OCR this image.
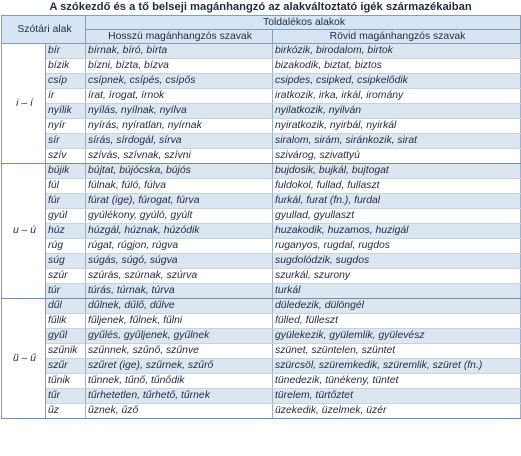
A szókezdő és a tő belseji magánhangzó az alakváltoztató igék származékaiban
Szótári alak		Toldalékos alakok	
		Hosszú magánhangzós szavak	Rövid magánhangzós szavak
i – í	bír	bírnak, bíró, bírta	birkózik, birodalom, birtok
	bízik	bízni, bízta, bízva	bizakodik, biztat, biztos
	csíp	csípnek, csípés, csípős	csipdes, csipked, csipkelődik
	ír	írat, írogat, írnok	iratkozik, irka, irkál, iromány
	nyílik	nyílás, nyílnak, nyílva	nyilatkozik, nyilván
	nyír	nyírás, nyíratlan, nyírnak	nyiratkozik, nyirbál, nyirkál
	sír	sírás, sírdogál, sírva	siralom, sirám, siránkozik, sirat
	szív	szívás, szívnak, szívni	szivárog, szivattyú
u – ú	bújik	bújtat, bújócska, bújós	bujdosik, bujkál, bujtogat
	fúl	fúlnak, fúló, fúlva	fuldokol, fullad, fullaszt
	fúr	fúrat (ige), fúrogat, fúrva	furkál, furat (fn.), furdal
	gyúl	gyúlékony, gyúló, gyúlt	gyullad, gyullaszt
	húz	húzgál, húznak, húzódik	huzakodik, huzamos, huzigál
	rúg	rúgat, rúgjon, rúgva	ruganyos, rugdal, rugdos
	súg	súgás, súgó, súgva	sugdolódzik, sugdos
	szúr	szúrás, szúrnak, szúrva	szurkál, szurony
	túr	túrás, túrnak, túrva	turkál
ü – ű	dűl	dűlnek, dűlő, dűlve	düledezik, dülöngél
	fűlik	fűljenek, fűlnek, fűlni	fülled, fülleszt
	gyűl	gyűlés, gyűljenek, gyűlnek	gyülekezik, gyülemlik, gyülevész
	szűnik	szűnnek, szűnő, szűnve	szünet, szüntelen, szüntet
	szűr	szűret (ige), szűrnek, szűrő	szürcsöl, szüremkedik, szüremlik, szüret (fn.)
	tűnik	tűnnek, tűnő, tűnődik	tünedezik, tünékeny, tüntet
	tűr	tűrhetetlen, tűrhető, tűrnek	türelem, türtőztet
	űz	űznek, űző	üzekedik, üzelmek, üzér
